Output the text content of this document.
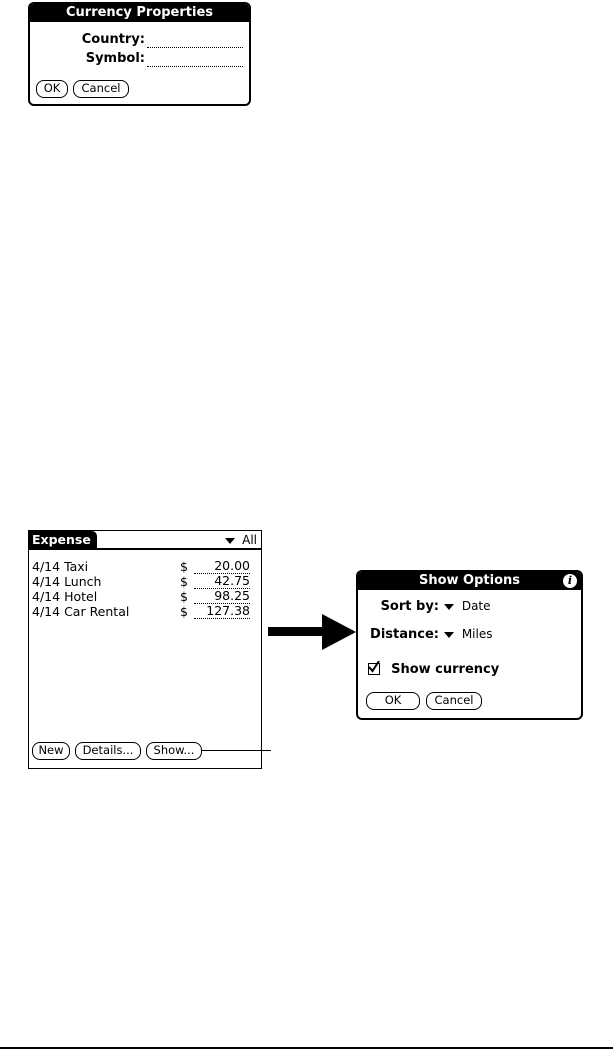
Currency Properties
Country:
Symbol:
OK	Cancel
Expense	All
4/14 Taxi	$	20.00
4/14 Lunch	$	42.75
4/14 Hotel	$	98.25
4/14 Car Rental	$	127.38
New	Details...	Show...
Show Options	i
Sort by:	Date
Distance:	Miles
Show currency
OK	Cancel
